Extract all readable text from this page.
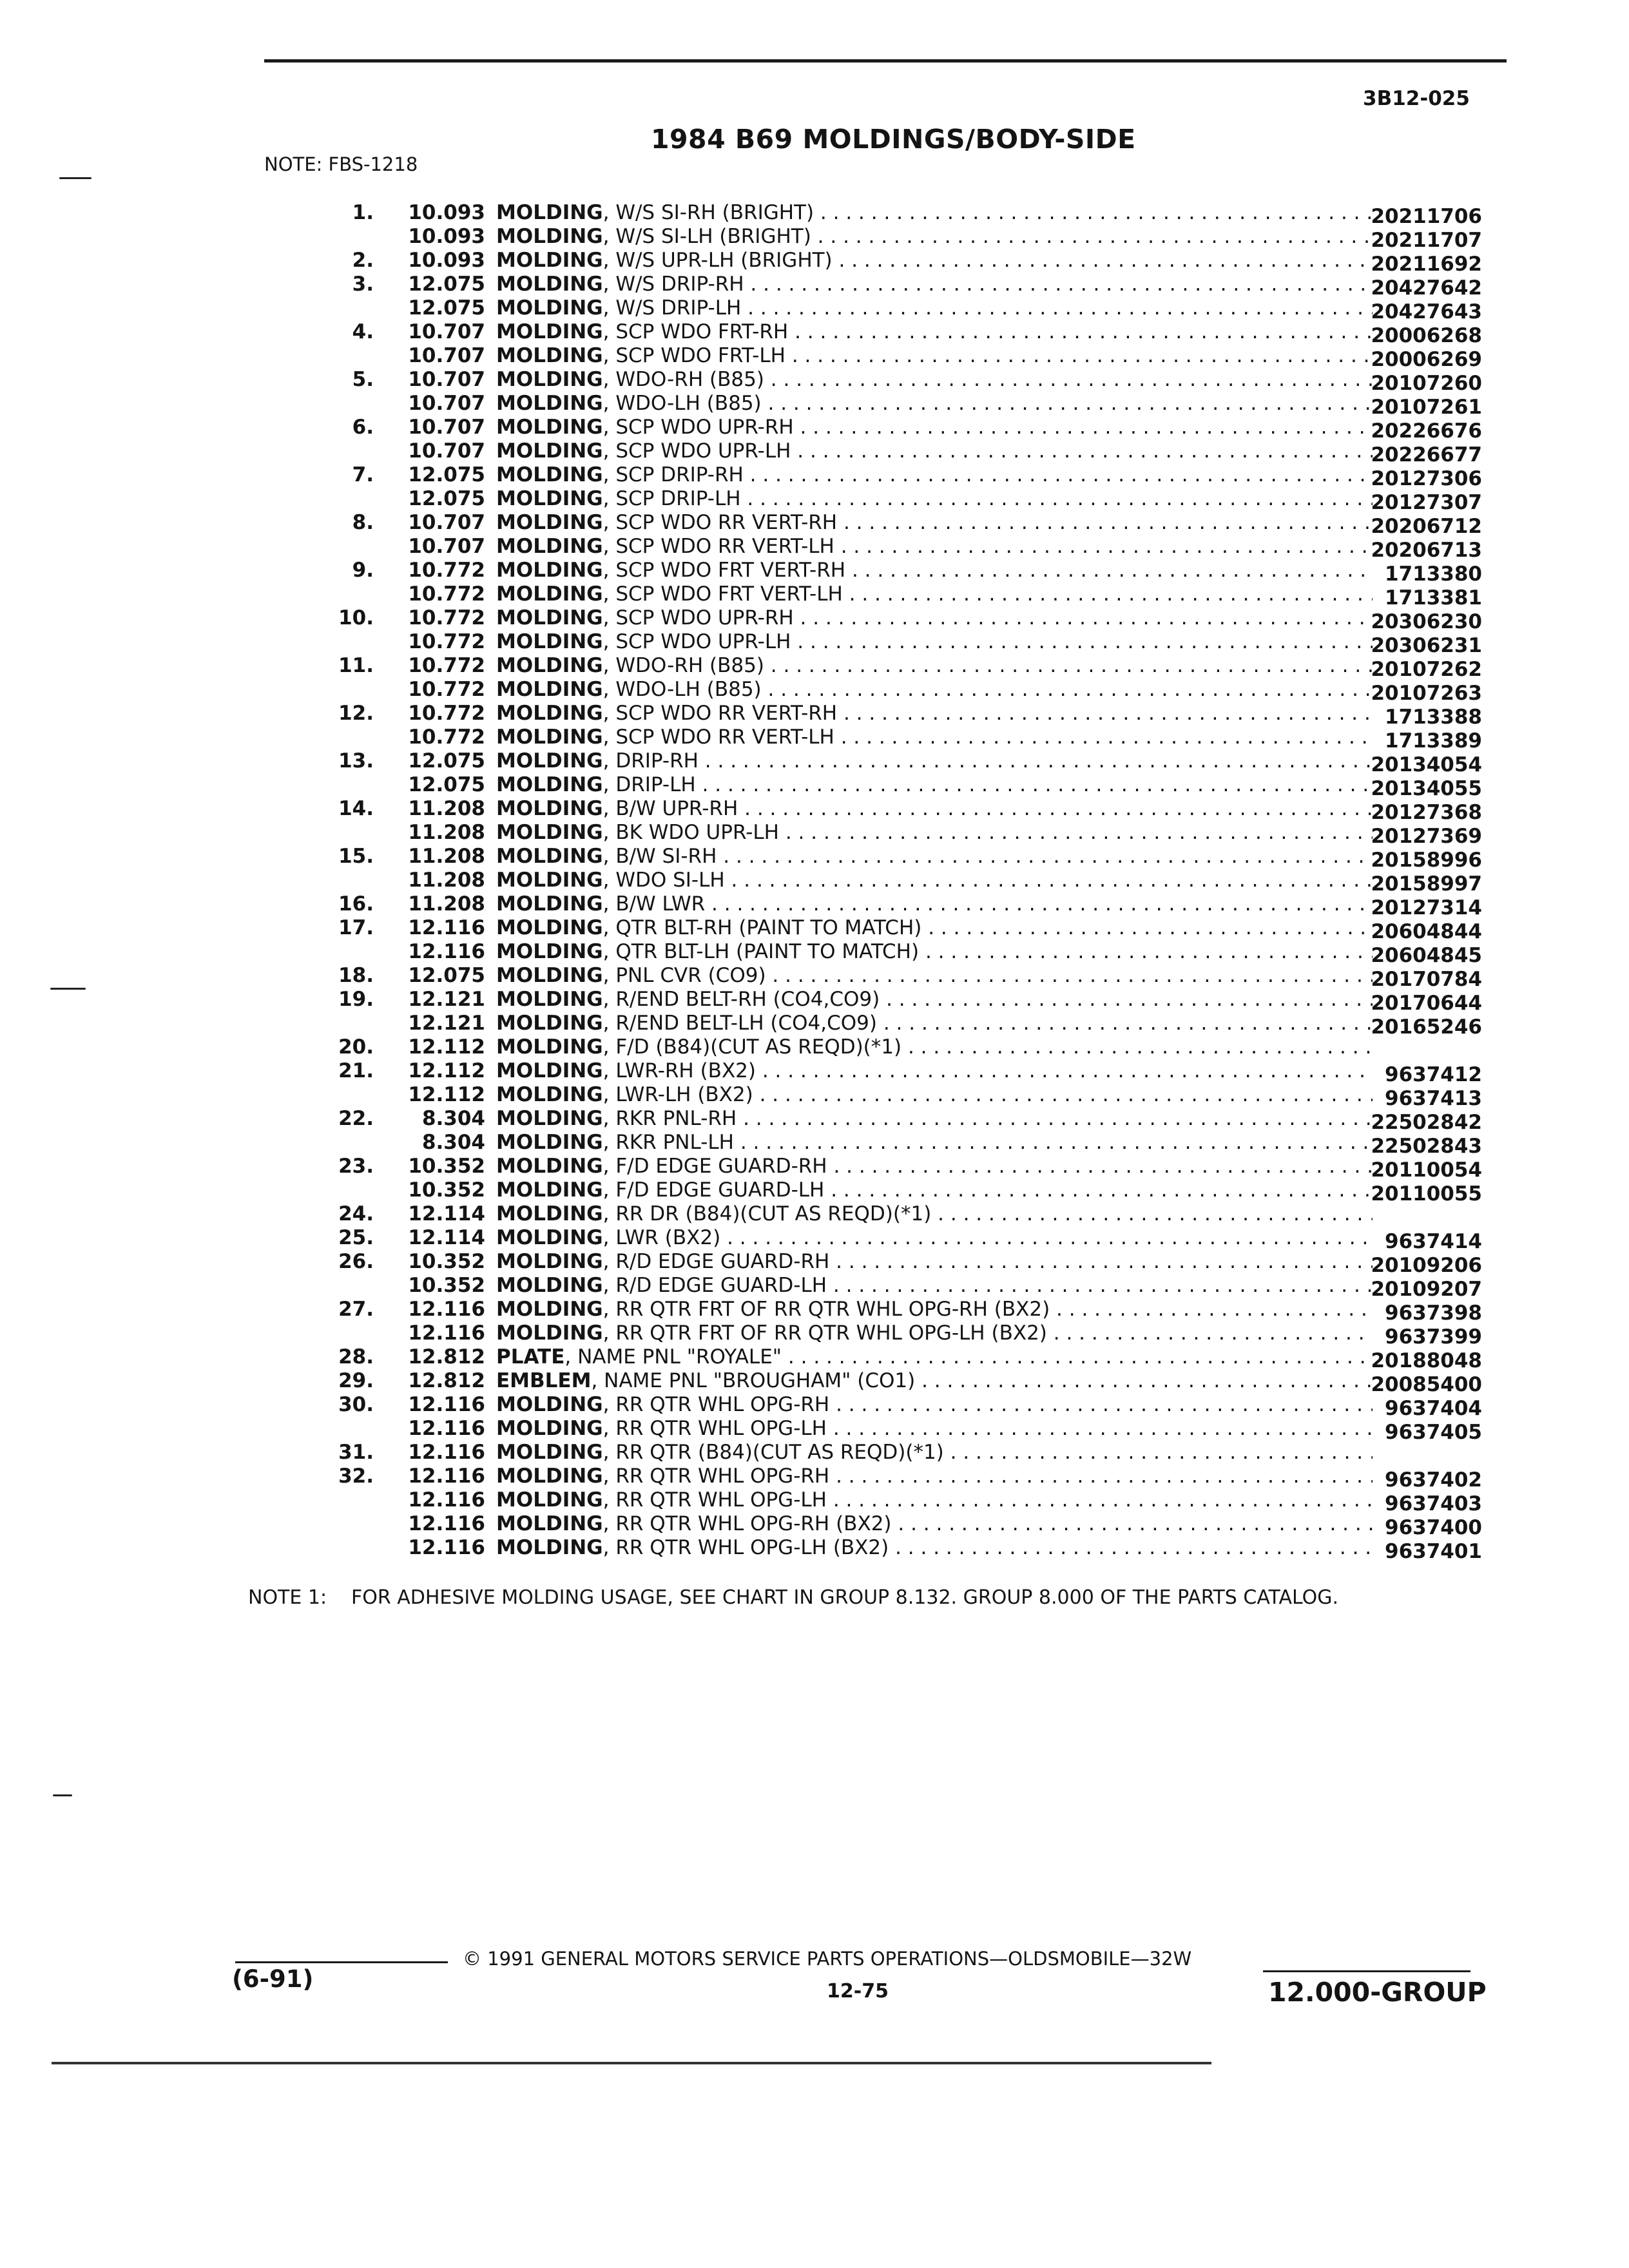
3B12-025
1984 B69 MOLDINGS/BODY-SIDE
NOTE: FBS-1218
1.	10.093 MOLDING, W/S SI-RH (BRIGHT) . . .	20211706
10.093 MOLDING, W/S SI-LH (BRIGHT) . . .	20211707
2.	10.093 MOLDING, W/S UPR-LH (BRIGHT) . . .	20211692
3.	12.075 MOLDING, W/S DRIP-RH . . .	20427642
12.075 MOLDING, W/S DRIP-LH . . .	20427643
4.	10.707 MOLDING, SCP WDO FRT-RH . . .	20006268
10.707 MOLDING, SCP WDO FRT-LH . . .	20006269
5.	10.707 MOLDING, WDO-RH (B85) . . .	20107260
10.707 MOLDING, WDO-LH (B85) . . .	20107261
6.	10.707 MOLDING, SCP WDO UPR-RH . . .	20226676
10.707 MOLDING, SCP WDO UPR-LH . . .	20226677
7.	12.075 MOLDING, SCP DRIP-RH . . .	20127306
12.075 MOLDING, SCP DRIP-LH . . .	20127307
8.	10.707 MOLDING, SCP WDO RR VERT-RH . . .	20206712
10.707 MOLDING, SCP WDO RR VERT-LH . . .	20206713
9.	10.772 MOLDING, SCP WDO FRT VERT-RH . . .	1713380
10.772 MOLDING, SCP WDO FRT VERT-LH . . .	1713381
10.	10.772 MOLDING, SCP WDO UPR-RH . . .	20306230
10.772 MOLDING, SCP WDO UPR-LH . . .	20306231
11.	10.772 MOLDING, WDO-RH (B85) . . .	20107262
10.772 MOLDING, WDO-LH (B85) . . .	20107263
12.	10.772 MOLDING, SCP WDO RR VERT-RH . . .	1713388
10.772 MOLDING, SCP WDO RR VERT-LH . . .	1713389
13.	12.075 MOLDING, DRIP-RH . . .	20134054
12.075 MOLDING, DRIP-LH . . .	20134055
14.	11.208 MOLDING, B/W UPR-RH . . .	20127368
11.208 MOLDING, BK WDO UPR-LH . . .	20127369
15.	11.208 MOLDING, B/W SI-RH . . .	20158996
11.208 MOLDING, WDO SI-LH . . .	20158997
16.	11.208 MOLDING, B/W LWR . . .	20127314
17.	12.116 MOLDING, QTR BLT-RH (PAINT TO MATCH) . . .	20604844
12.116 MOLDING, QTR BLT-LH (PAINT TO MATCH) . . .	20604845
18.	12.075 MOLDING, PNL CVR (CO9) . . .	20170784
19.	12.121 MOLDING, R/END BELT-RH (CO4,CO9) . . .	20170644
12.121 MOLDING, R/END BELT-LH (CO4,CO9) . . .	20165246
20.	12.112 MOLDING, F/D (B84)(CUT AS REQD)(*1) . . .
21.	12.112 MOLDING, LWR-RH (BX2) . . .	9637412
12.112 MOLDING, LWR-LH (BX2) . . .	9637413
22.	8.304 MOLDING, RKR PNL-RH . . .	22502842
8.304 MOLDING, RKR PNL-LH . . .	22502843
23.	10.352 MOLDING, F/D EDGE GUARD-RH . . .	20110054
10.352 MOLDING, F/D EDGE GUARD-LH . . .	20110055
24.	12.114 MOLDING, RR DR (B84)(CUT AS REQD)(*1) . . .
25.	12.114 MOLDING, LWR (BX2) . . .	9637414
26.	10.352 MOLDING, R/D EDGE GUARD-RH . . .	20109206
10.352 MOLDING, R/D EDGE GUARD-LH . . .	20109207
27.	12.116 MOLDING, RR QTR FRT OF RR QTR WHL OPG-RH (BX2) . . .	9637398
12.116 MOLDING, RR QTR FRT OF RR QTR WHL OPG-LH (BX2) . . .	9637399
28.	12.812 PLATE, NAME PNL "ROYALE" . . .	20188048
29.	12.812 EMBLEM, NAME PNL "BROUGHAM" (CO1) . . .	20085400
30.	12.116 MOLDING, RR QTR WHL OPG-RH . . .	9637404
12.116 MOLDING, RR QTR WHL OPG-LH . . .	9637405
31.	12.116 MOLDING, RR QTR (B84)(CUT AS REQD)(*1) . . .
32.	12.116 MOLDING, RR QTR WHL OPG-RH . . .	9637402
12.116 MOLDING, RR QTR WHL OPG-LH . . .	9637403
12.116 MOLDING, RR QTR WHL OPG-RH (BX2) . . .	9637400
12.116 MOLDING, RR QTR WHL OPG-LH (BX2) . . .	9637401
NOTE 1: FOR ADHESIVE MOLDING USAGE, SEE CHART IN GROUP 8.132. GROUP 8.000 OF THE PARTS CATALOG.
© 1991 GENERAL MOTORS SERVICE PARTS OPERATIONS—OLDSMOBILE—32W
(6-91)	12-75	12.000-GROUP
